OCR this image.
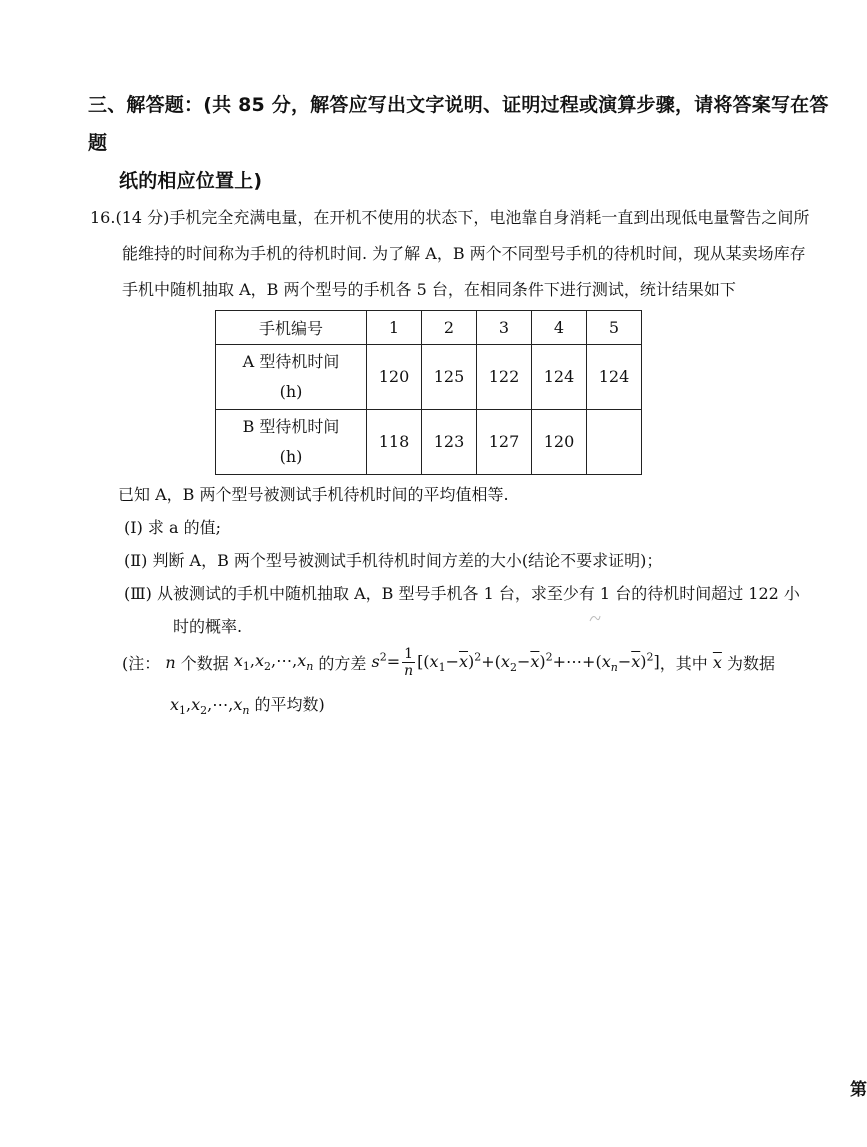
三、解答题：(共 85 分，解答应写出文字说明、证明过程或演算步骤，请将答案写在答题
纸的相应位置上)
16.(14 分)手机完全充满电量，在开机不使用的状态下，电池靠自身消耗一直到出现低电量警告之间所
能维持的时间称为手机的待机时间. 为了解 A，B 两个不同型号手机的待机时间，现从某卖场库存
手机中随机抽取 A，B 两个型号的手机各 5 台，在相同条件下进行测试，统计结果如下
手机编号	1	2	3	4	5

A 型待机时间
(h)	120	125	122	124	124

B 型待机时间
(h)	118	123	127	120	
已知 A，B 两个型号被测试手机待机时间的平均值相等.
(Ⅰ) 求 a 的值;
(Ⅱ) 判断 A，B 两个型号被测试手机待机时间方差的大小(结论不要求证明)；
(Ⅲ) 从被测试的手机中随机抽取 A，B 型号手机各 1 台，求至少有 1 台的待机时间超过 122 小
时的概率.
(注： n 个数据 $x_1,x_2,\cdots,x_n$ 的方差 $s^2= \frac{1}{n}$ $[(x_1-\overline{x})^2+(x_2-\overline{x})^2+\cdots+(x_n-\overline{x})^2]$ ，其中 $\overline{x}$ 为数据
$x_1,x_2,\cdots,x_n$ 的平均数)
第
